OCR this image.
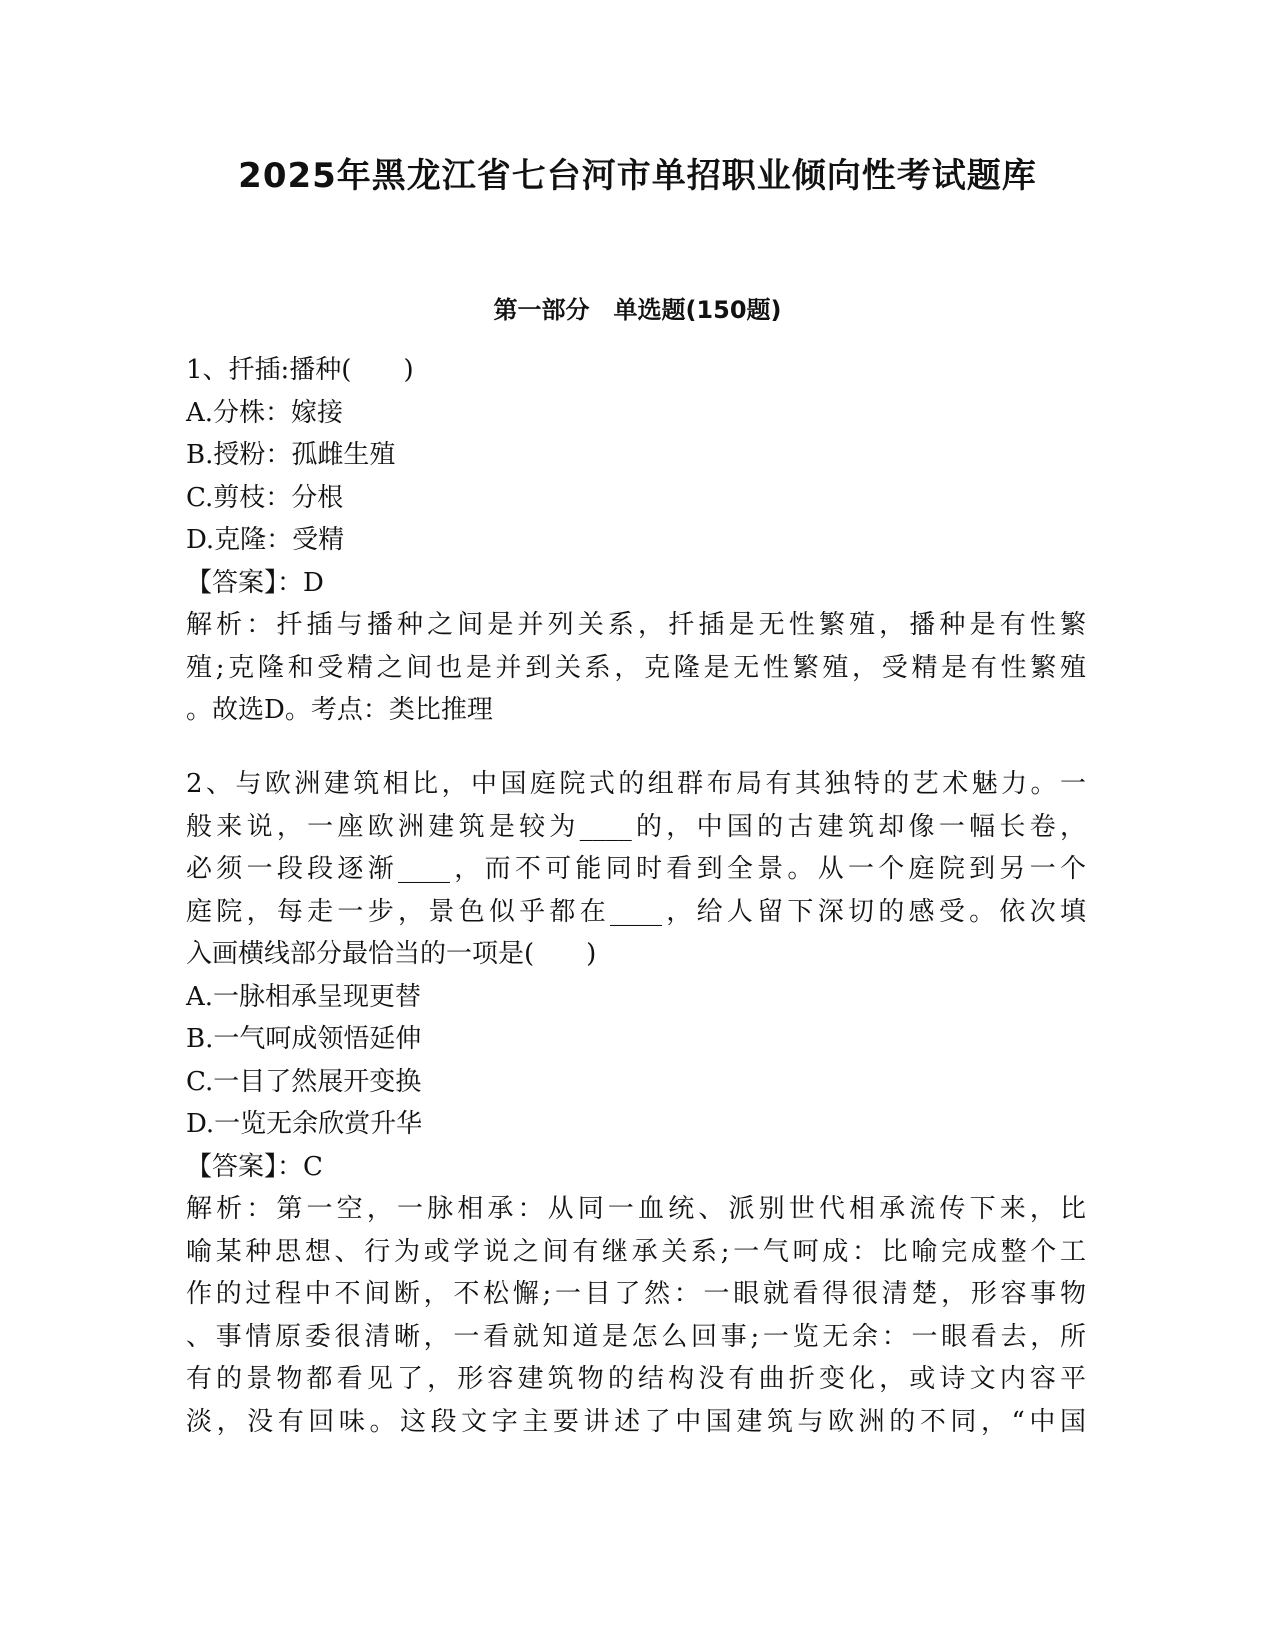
2025年黑龙江省七台河市单招职业倾向性考试题库
第一部分　单选题(150题)
1、扦插:播种(　　)
A.分株：嫁接
B.授粉：孤雌生殖
C.剪枝：分根
D.克隆：受精
【答案】：D
解析：扦插与播种之间是并列关系，扦插是无性繁殖，播种是有性繁
殖;克隆和受精之间也是并到关系，克隆是无性繁殖，受精是有性繁殖
。故选D。考点：类比推理
2、与欧洲建筑相比，中国庭院式的组群布局有其独特的艺术魅力。一
般来说，一座欧洲建筑是较为____的，中国的古建筑却像一幅长卷，
必须一段段逐渐____，而不可能同时看到全景。从一个庭院到另一个
庭院，每走一步，景色似乎都在____，给人留下深切的感受。依次填
入画横线部分最恰当的一项是(　　)
A.一脉相承呈现更替
B.一气呵成领悟延伸
C.一目了然展开变换
D.一览无余欣赏升华
【答案】：C
解析：第一空，一脉相承：从同一血统、派别世代相承流传下来，比
喻某种思想、行为或学说之间有继承关系;一气呵成：比喻完成整个工
作的过程中不间断，不松懈;一目了然：一眼就看得很清楚，形容事物
、事情原委很清晰，一看就知道是怎么回事;一览无余：一眼看去，所
有的景物都看见了，形容建筑物的结构没有曲折变化，或诗文内容平
淡，没有回味。这段文字主要讲述了中国建筑与欧洲的不同，“中国
